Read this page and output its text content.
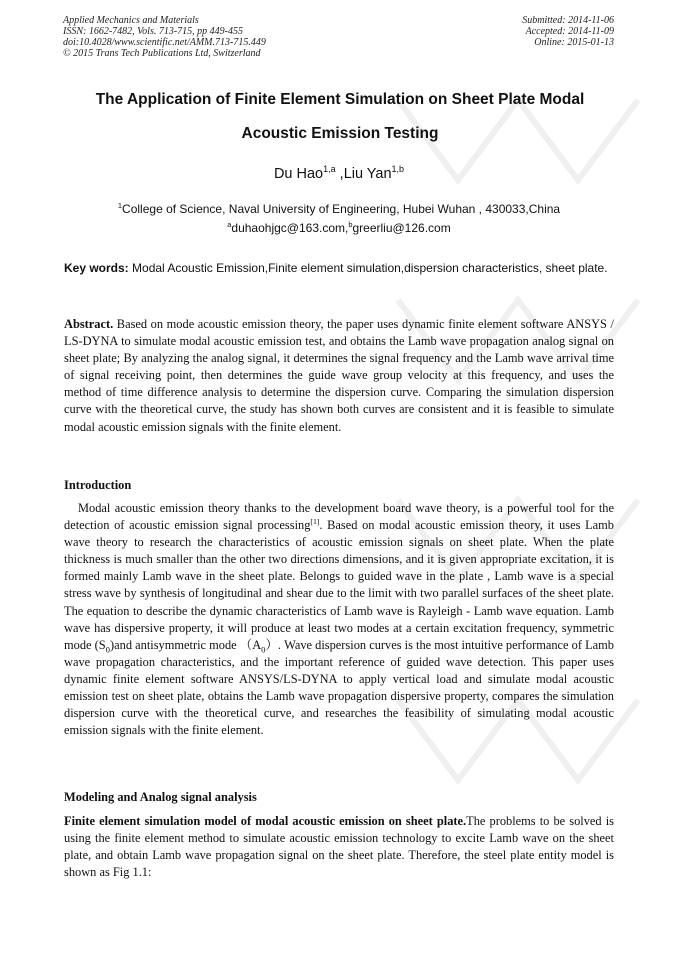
Applied Mechanics and Materials
ISSN: 1662-7482, Vols. 713-715, pp 449-455
doi:10.4028/www.scientific.net/AMM.713-715.449
© 2015 Trans Tech Publications Ltd, Switzerland
Submitted: 2014-11-06
Accepted: 2014-11-09
Online: 2015-01-13
The Application of Finite Element Simulation on Sheet Plate Modal
Acoustic Emission Testing
Du Hao$^{1,a}$ ,Liu Yan$^{1,b}$
$^1$College of Science, Naval University of Engineering, Hubei Wuhan , 430033,China
$^a$duhaohjgc@163.com,$^b$greerliu@126.com
Key words: Modal Acoustic Emission,Finite element simulation,dispersion characteristics, sheet plate.

Abstract. Based on mode acoustic emission theory, the paper uses dynamic finite element software ANSYS / LS-DYNA to simulate modal acoustic emission test, and obtains the Lamb wave propagation analog signal on sheet plate; By analyzing the analog signal, it determines the signal frequency and the Lamb wave arrival time of signal receiving point, then determines the guide wave group velocity at this frequency, and uses the method of time difference analysis to determine the dispersion curve. Comparing the simulation dispersion curve with the theoretical curve, the study has shown both curves are consistent and it is feasible to simulate modal acoustic emission signals with the finite element.

Introduction

Modal acoustic emission theory thanks to the development board wave theory, is a powerful tool for the detection of acoustic emission signal processing[1]. Based on modal acoustic emission theory, it uses Lamb wave theory to research the characteristics of acoustic emission signals on sheet plate. When the plate thickness is much smaller than the other two directions dimensions, and it is given appropriate excitation, it is formed mainly Lamb wave in the sheet plate. Belongs to guided wave in the plate , Lamb wave is a special stress wave by synthesis of longitudinal and shear due to the limit with two parallel surfaces of the sheet plate. The equation to describe the dynamic characteristics of Lamb wave is Rayleigh - Lamb wave equation. Lamb wave has dispersive property, it will produce at least two modes at a certain excitation frequency, symmetric mode $(S_0)and$ antisymmetric mode $(A_0)$. Wave dispersion curves is the most intuitive performance of Lamb wave propagation characteristics, and the important reference of guided wave detection. This paper uses dynamic finite element software ANSYS/LS-DYNA to apply vertical load and simulate modal acoustic emission test on sheet plate, obtains the Lamb wave propagation dispersive property, compares the simulation dispersion curve with the theoretical curve, and researches the feasibility of simulating modal acoustic emission signals with the finite element.

Modeling and Analog signal analysis

Finite element simulation model of modal acoustic emission on sheet plate.The problems to be solved is using the finite element method to simulate acoustic emission technology to excite Lamb wave on the sheet plate, and obtain Lamb wave propagation signal on the sheet plate. Therefore, the steel plate entity model is shown as Fig 1.1:
